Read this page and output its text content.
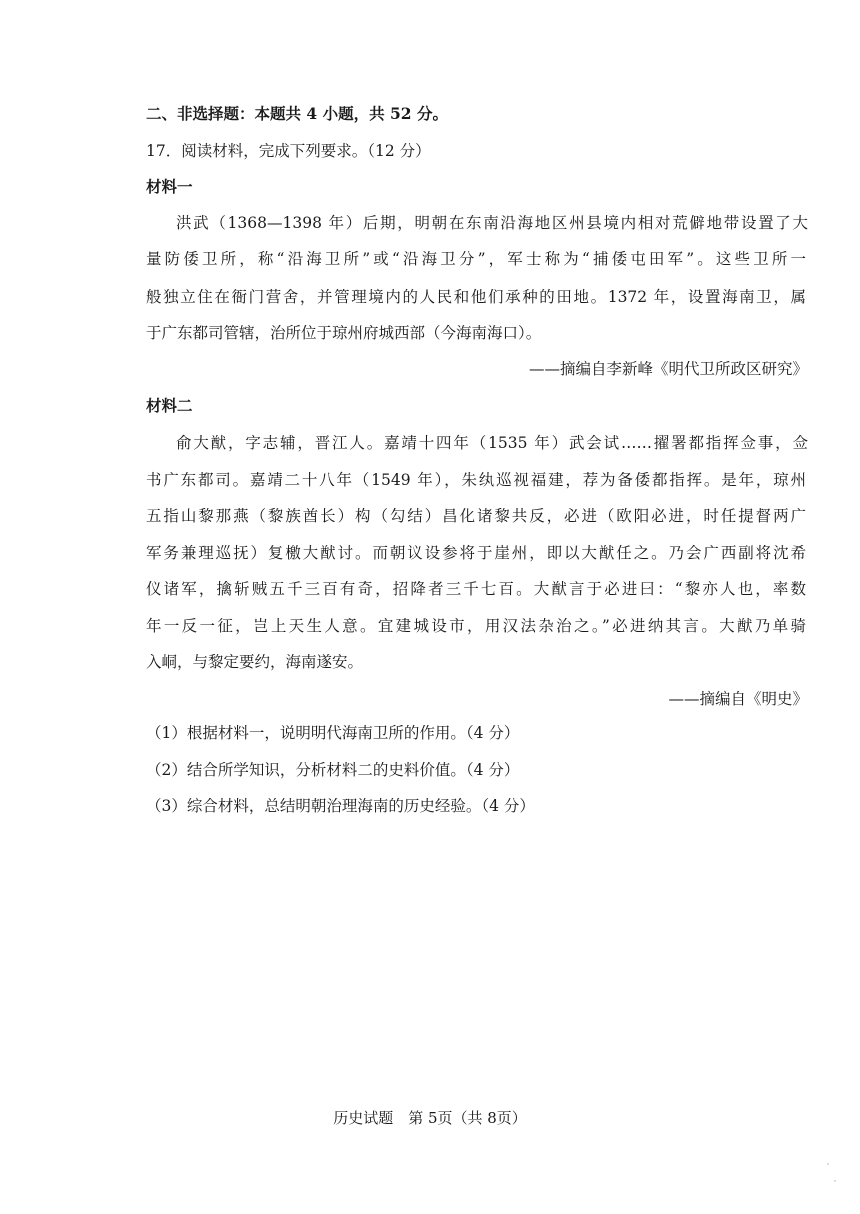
二、非选择题：本题共 4 小题，共 52 分。
17．阅读材料，完成下列要求。（12 分）
材料一
洪武（1368—1398 年）后期，明朝在东南沿海地区州县境内相对荒僻地带设置了大
量防倭卫所，称“沿海卫所”或“沿海卫分”，军士称为“捕倭屯田军”。这些卫所一
般独立住在衙门营舍，并管理境内的人民和他们承种的田地。1372 年，设置海南卫，属
于广东都司管辖，治所位于琼州府城西部（今海南海口）。
——摘编自李新峰《明代卫所政区研究》
材料二
俞大猷，字志辅，晋江人。嘉靖十四年（1535 年）武会试……擢署都指挥佥事，佥
书广东都司。嘉靖二十八年（1549 年），朱纨巡视福建，荐为备倭都指挥。是年，琼州
五指山黎那燕（黎族酋长）构（勾结）昌化诸黎共反，必进（欧阳必进，时任提督两广
军务兼理巡抚）复檄大猷讨。而朝议设参将于崖州，即以大猷任之。乃会广西副将沈希
仪诸军，擒斩贼五千三百有奇，招降者三千七百。大猷言于必进曰：“黎亦人也，率数
年一反一征，岂上天生人意。宜建城设市，用汉法杂治之。”必进纳其言。大猷乃单骑
入峒，与黎定要约，海南遂安。
——摘编自《明史》
（1）根据材料一，说明明代海南卫所的作用。（4 分）
（2）结合所学知识，分析材料二的史料价值。（4 分）
（3）综合材料，总结明朝治理海南的历史经验。（4 分）
历史试题　第 5页（共 8页）
